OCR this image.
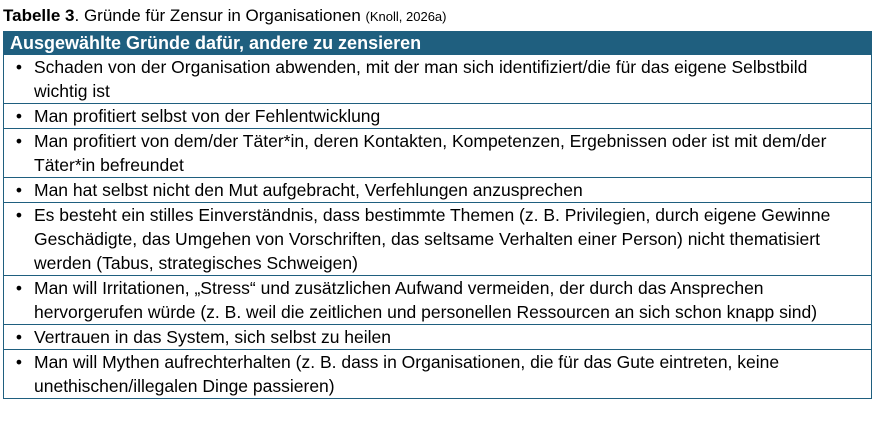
Tabelle 3. Gründe für Zensur in Organisationen (Knoll, 2026a)
Ausgewählte Gründe dafür, andere zu zensieren
• Schaden von der Organisation abwenden, mit der man sich identifiziert/die für das eigene Selbstbild wichtig ist
• Man profitiert selbst von der Fehlentwicklung
• Man profitiert von dem/der Täter*in, deren Kontakten, Kompetenzen, Ergebnissen oder ist mit dem/der Täter*in befreundet
• Man hat selbst nicht den Mut aufgebracht, Verfehlungen anzusprechen
• Es besteht ein stilles Einverständnis, dass bestimmte Themen (z. B. Privilegien, durch eigene Gewinne Geschädigte, das Umgehen von Vorschriften, das seltsame Verhalten einer Person) nicht thematisiert werden (Tabus, strategisches Schweigen)
• Man will Irritationen, „Stress“ und zusätzlichen Aufwand vermeiden, der durch das Ansprechen hervorgerufen würde (z. B. weil die zeitlichen und personellen Ressourcen an sich schon knapp sind)
• Vertrauen in das System, sich selbst zu heilen
• Man will Mythen aufrechterhalten (z. B. dass in Organisationen, die für das Gute eintreten, keine unethischen/illegalen Dinge passieren)
